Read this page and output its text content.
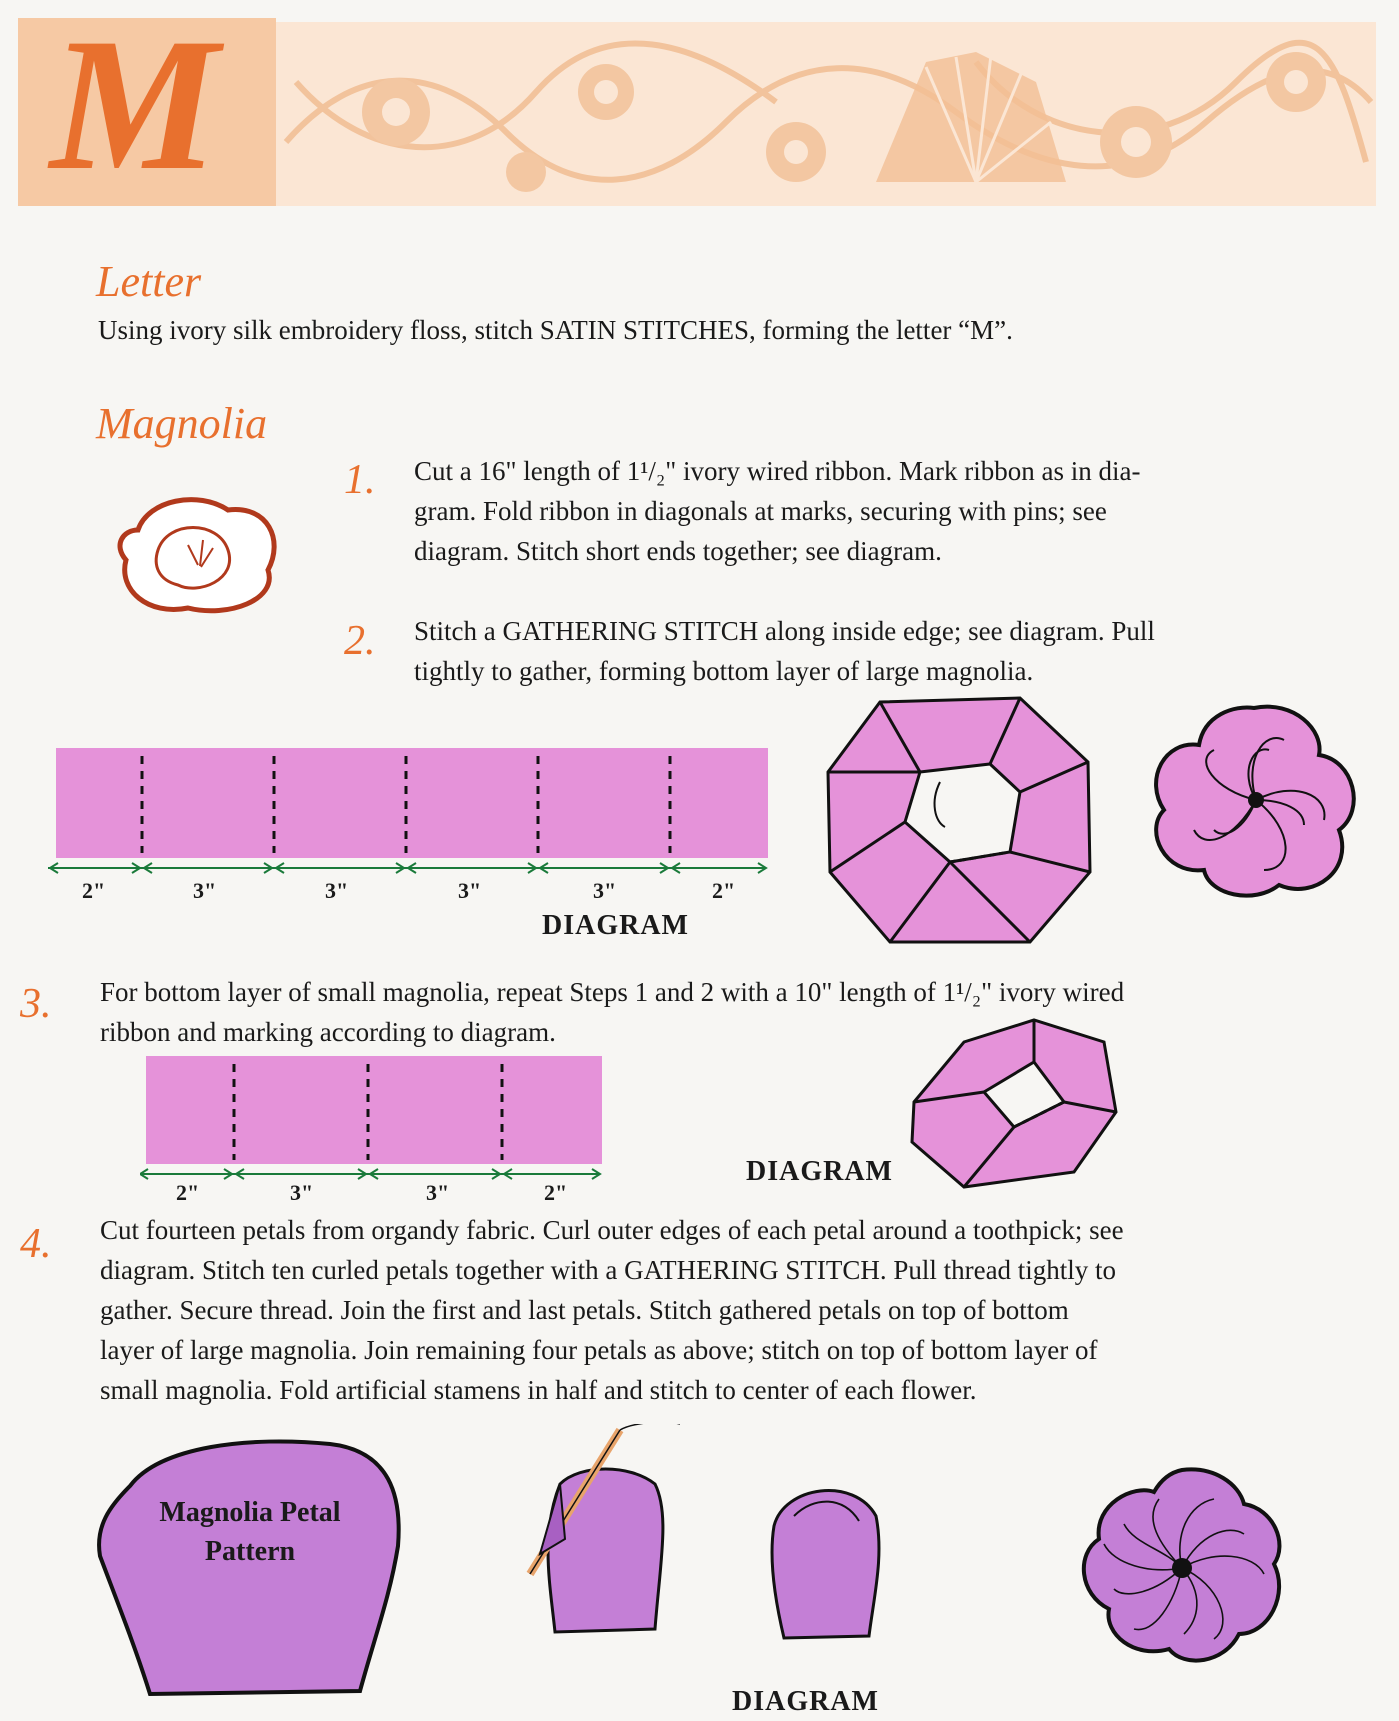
M
Letter

Using ivory silk embroidery floss, stitch SATIN STITCHES, forming the letter “M”.

Magnolia
1. Cut a 16" length of 1¹/₂" ivory wired ribbon. Mark ribbon as in dia-

gram. Fold ribbon in diagonals at marks, securing with pins; see

diagram. Stitch short ends together; see diagram.

2. Stitch a GATHERING STITCH along inside edge; see diagram. Pull

tightly to gather, forming bottom layer of large magnolia.

2"	3"	3"	3"	3"	2"
DIAGRAM
3. For bottom layer of small magnolia, repeat Steps 1 and 2 with a 10" length of 1¹/₂" ivory wired

ribbon and marking according to diagram.

2"	3"	3"	2"
DIAGRAM
4. Cut fourteen petals from organdy fabric. Curl outer edges of each petal around a toothpick; see

diagram. Stitch ten curled petals together with a GATHERING STITCH. Pull thread tightly to

gather. Secure thread. Join the first and last petals. Stitch gathered petals on top of bottom

layer of large magnolia. Join remaining four petals as above; stitch on top of bottom layer of

small magnolia. Fold artificial stamens in half and stitch to center of each flower.

Magnolia Petal
Pattern
DIAGRAM
